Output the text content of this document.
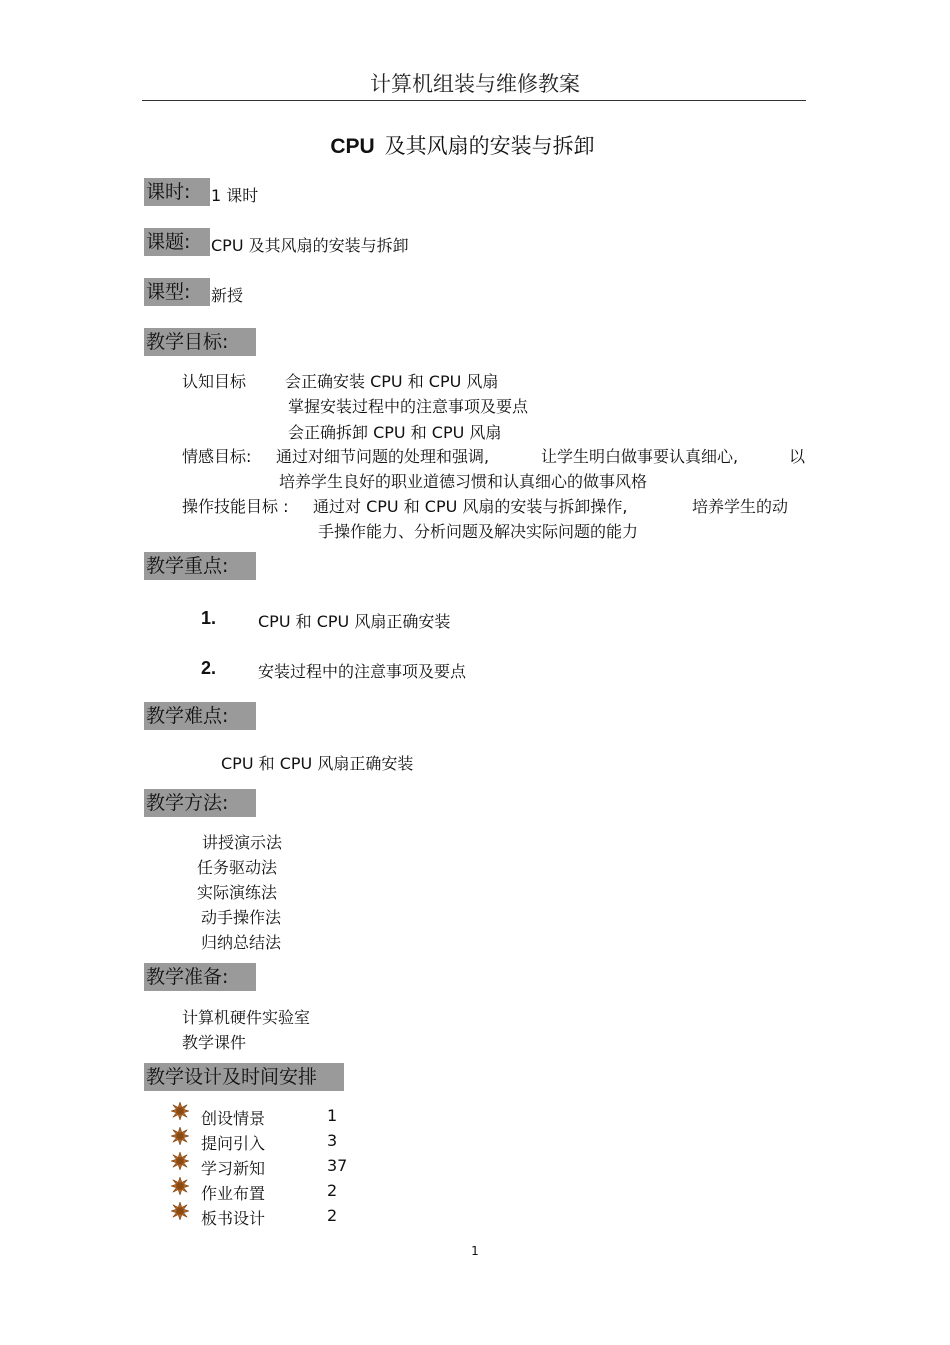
计算机组装与维修教案
CPU 及其风扇的安装与拆卸
课时:	1 课时
课题:	CPU 及其风扇的安装与拆卸
课型:	新授
教学目标:
认知目标 会正确安装 CPU 和 CPU 风扇
掌握安装过程中的注意事项及要点
会正确拆卸 CPU 和 CPU 风扇
情感目标: 通过对细节问题的处理和强调,	让学生明白做事要认真细心,	以
培养学生良好的职业道德习惯和认真细心的做事风格
操作技能目标 : 通过对 CPU 和 CPU 风扇的安装与拆卸操作,	培养学生的动
手操作能力、分析问题及解决实际问题的能力
教学重点:
1.	CPU 和 CPU 风扇正确安装
2.	安装过程中的注意事项及要点
教学难点:
CPU 和 CPU 风扇正确安装
教学方法:
讲授演示法
任务驱动法
实际演练法
动手操作法
归纳总结法
教学准备:
计算机硬件实验室
教学课件
教学设计及时间安排
创设情景	1
提问引入	3
学习新知	37
作业布置	2
板书设计	2
1
